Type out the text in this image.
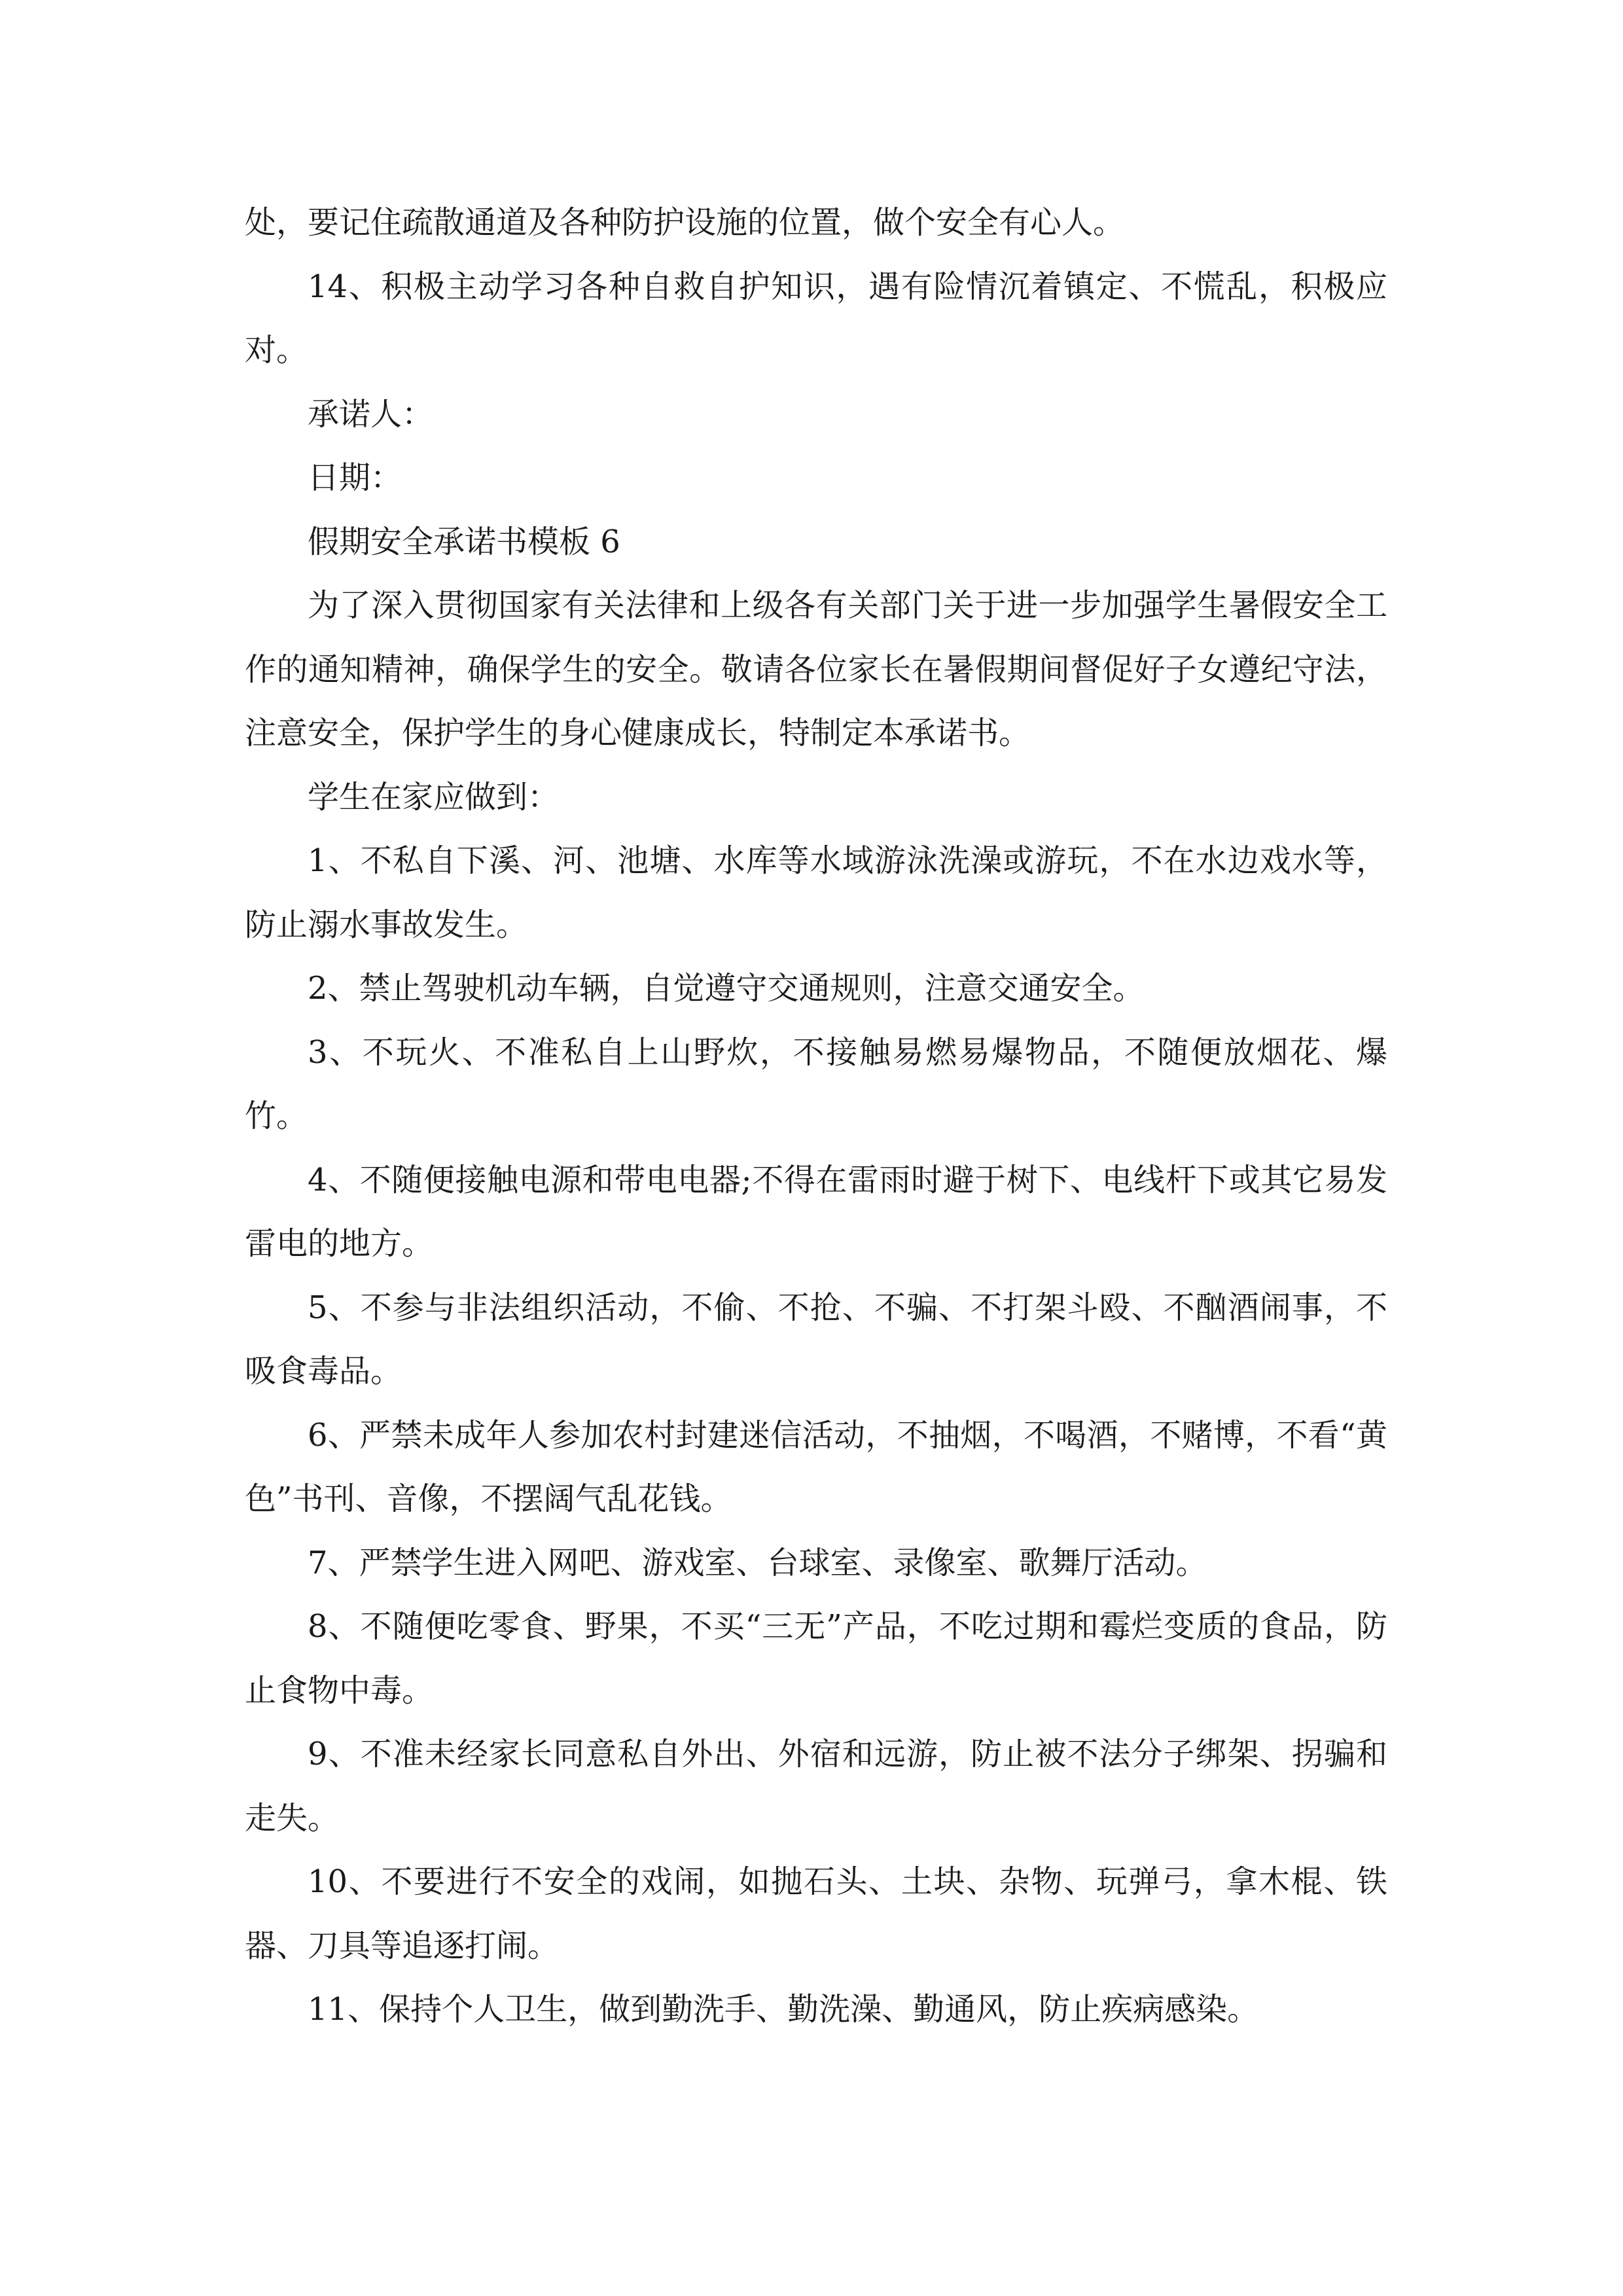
处，要记住疏散通道及各种防护设施的位置，做个安全有心人。

14、积极主动学习各种自救自护知识，遇有险情沉着镇定、不慌乱，积极应对。

承诺人：

日期：

假期安全承诺书模板 6

为了深入贯彻国家有关法律和上级各有关部门关于进一步加强学生暑假安全工作的通知精神，确保学生的安全。敬请各位家长在暑假期间督促好子女遵纪守法，注意安全，保护学生的身心健康成长，特制定本承诺书。

学生在家应做到：

1、不私自下溪、河、池塘、水库等水域游泳洗澡或游玩，不在水边戏水等，防止溺水事故发生。

2、禁止驾驶机动车辆，自觉遵守交通规则，注意交通安全。

3、不玩火、不准私自上山野炊，不接触易燃易爆物品，不随便放烟花、爆竹。

4、不随便接触电源和带电电器;不得在雷雨时避于树下、电线杆下或其它易发雷电的地方。

5、不参与非法组织活动，不偷、不抢、不骗、不打架斗殴、不酗酒闹事，不吸食毒品。

6、严禁未成年人参加农村封建迷信活动，不抽烟，不喝酒，不赌博，不看“黄色”书刊、音像，不摆阔气乱花钱。

7、严禁学生进入网吧、游戏室、台球室、录像室、歌舞厅活动。

8、不随便吃零食、野果，不买“三无”产品，不吃过期和霉烂变质的食品，防止食物中毒。

9、不准未经家长同意私自外出、外宿和远游，防止被不法分子绑架、拐骗和走失。

10、不要进行不安全的戏闹，如抛石头、土块、杂物、玩弹弓，拿木棍、铁器、刀具等追逐打闹。

11、保持个人卫生，做到勤洗手、勤洗澡、勤通风，防止疾病感染。
